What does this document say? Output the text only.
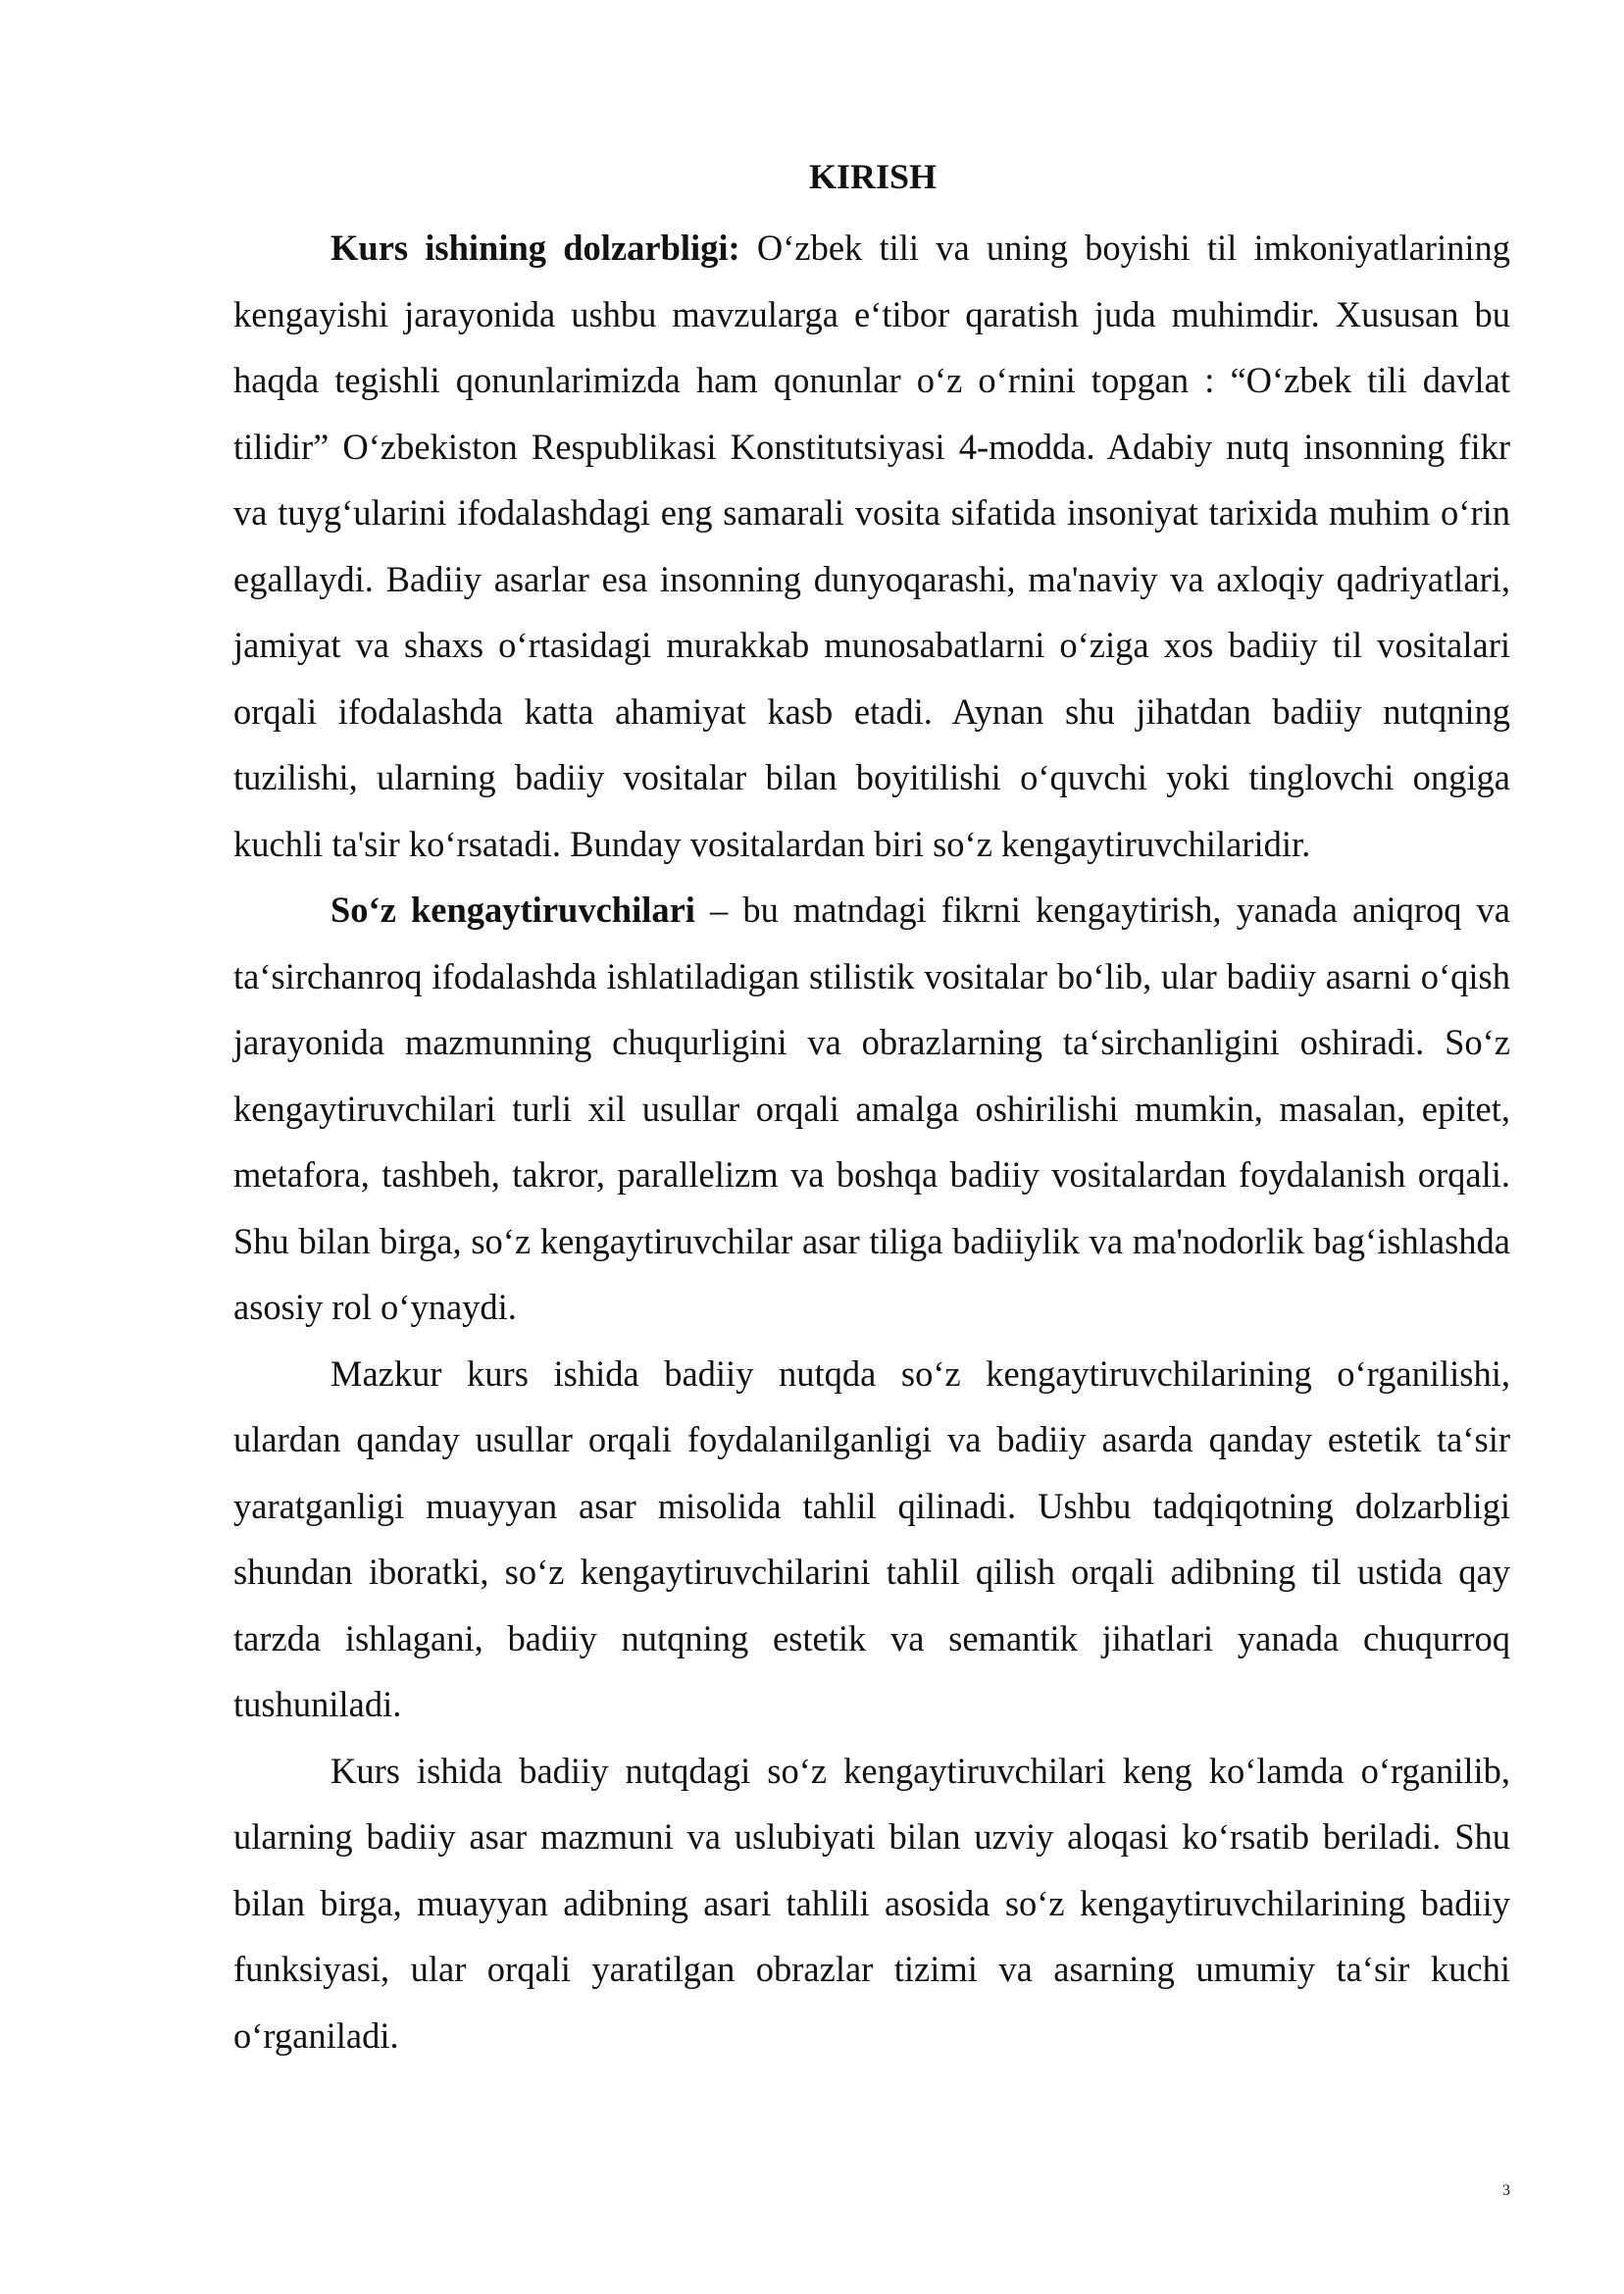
KIRISH

Kurs ishining dolzarbligi: O‘zbek tili va uning boyishi til imkoniyatlarining kengayishi jarayonida ushbu mavzularga e‘tibor qaratish juda muhimdir. Xususan bu haqda tegishli qonunlarimizda ham qonunlar o‘z o‘rnini topgan : “O‘zbek tili davlat tilidir” O‘zbekiston Respublikasi Konstitutsiyasi 4-modda. Adabiy nutq insonning fikr va tuyg‘ularini ifodalashdagi eng samarali vosita sifatida insoniyat tarixida muhim o‘rin egallaydi. Badiiy asarlar esa insonning dunyoqarashi, ma'naviy va axloqiy qadriyatlari, jamiyat va shaxs o‘rtasidagi murakkab munosabatlarni o‘ziga xos badiiy til vositalari orqali ifodalashda katta ahamiyat kasb etadi. Aynan shu jihatdan badiiy nutqning tuzilishi, ularning badiiy vositalar bilan boyitilishi o‘quvchi yoki tinglovchi ongiga kuchli ta'sir ko‘rsatadi. Bunday vositalardan biri so‘z kengaytiruvchilaridir.

So‘z kengaytiruvchilari – bu matndagi fikrni kengaytirish, yanada aniqroq va ta‘sirchanroq ifodalashda ishlatiladigan stilistik vositalar bo‘lib, ular badiiy asarni o‘qish jarayonida mazmunning chuqurligini va obrazlarning ta‘sirchanligini oshiradi. So‘z kengaytiruvchilari turli xil usullar orqali amalga oshirilishi mumkin, masalan, epitet, metafora, tashbeh, takror, parallelizm va boshqa badiiy vositalardan foydalanish orqali. Shu bilan birga, so‘z kengaytiruvchilar asar tiliga badiiylik va ma'nodorlik bag‘ishlashda asosiy rol o‘ynaydi.

Mazkur kurs ishida badiiy nutqda so‘z kengaytiruvchilarining o‘rganilishi, ulardan qanday usullar orqali foydalanilganligi va badiiy asarda qanday estetik ta‘sir yaratganligi muayyan asar misolida tahlil qilinadi. Ushbu tadqiqotning dolzarbligi shundan iboratki, so‘z kengaytiruvchilarini tahlil qilish orqali adibning til ustida qay tarzda ishlagani, badiiy nutqning estetik va semantik jihatlari yanada chuqurroq tushuniladi.

Kurs ishida badiiy nutqdagi so‘z kengaytiruvchilari keng ko‘lamda o‘rganilib, ularning badiiy asar mazmuni va uslubiyati bilan uzviy aloqasi ko‘rsatib beriladi. Shu bilan birga, muayyan adibning asari tahlili asosida so‘z kengaytiruvchilarining badiiy funksiyasi, ular orqali yaratilgan obrazlar tizimi va asarning umumiy ta‘sir kuchi o‘rganiladi.

3
